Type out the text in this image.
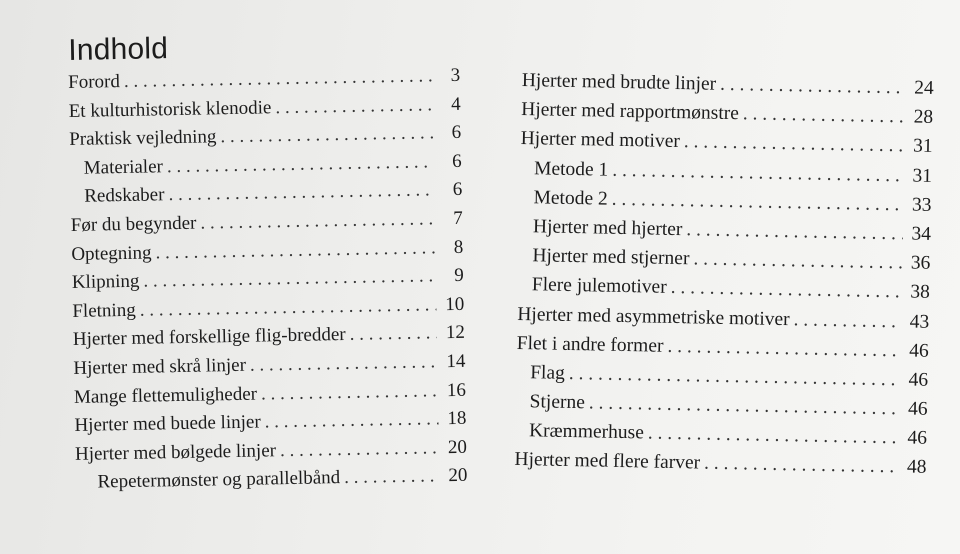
Indhold
Forord . . .	3
Et kulturhistorisk klenodie . . .	4
Praktisk vejledning . . .	6
Materialer . . .	6
Redskaber . . .	6
Før du begynder . . .	7
Optegning . . .	8
Klipning . . .	9
Fletning . . .	10
Hjerter med forskellige flig-bredder . . .	12
Hjerter med skrå linjer . . .	14
Mange flettemuligheder . . .	16
Hjerter med buede linjer . . .	18
Hjerter med bølgede linjer . . .	20
Repetermønster og parallelbånd . . .	20
Hjerter med brudte linjer . . .	24
Hjerter med rapportmønstre . . .	28
Hjerter med motiver . . .	31
Metode 1 . . .	31
Metode 2 . . .	33
Hjerter med hjerter . . .	34
Hjerter med stjerner . . .	36
Flere julemotiver . . .	38
Hjerter med asymmetriske motiver . . .	43
Flet i andre former . . .	46
Flag . . .	46
Stjerne . . .	46
Kræmmerhuse . . .	46
Hjerter med flere farver . . .	48
